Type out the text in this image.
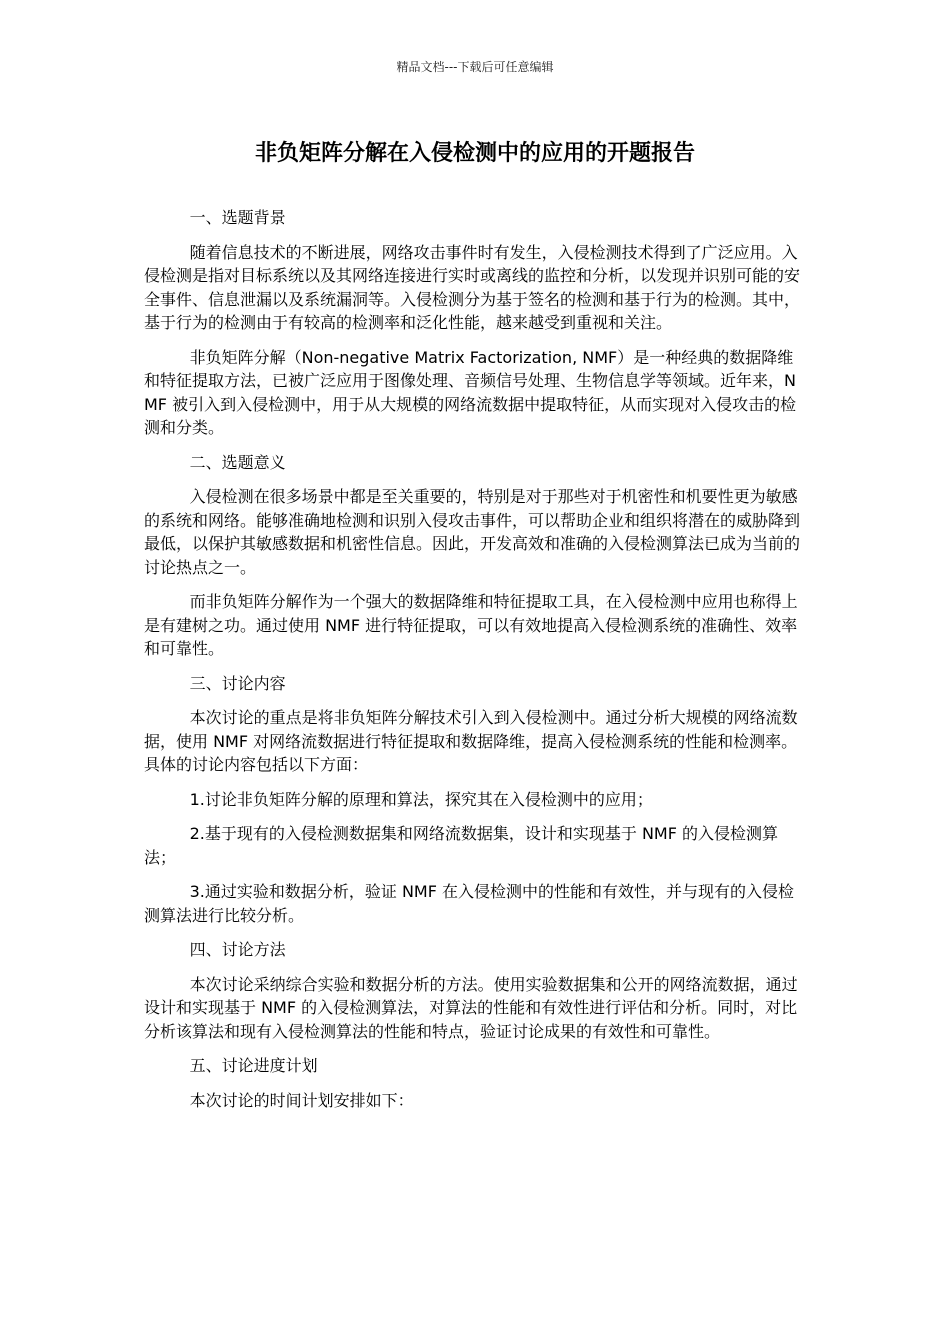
精品文档---下载后可任意编辑
非负矩阵分解在入侵检测中的应用的开题报告

一、选题背景

随着信息技术的不断进展，网络攻击事件时有发生，入侵检测技术得到了广泛应用。入侵检测是指对目标系统以及其网络连接进行实时或离线的监控和分析，以发现并识别可能的安全事件、信息泄漏以及系统漏洞等。入侵检测分为基于签名的检测和基于行为的检测。其中，基于行为的检测由于有较高的检测率和泛化性能，越来越受到重视和关注。

非负矩阵分解（Non-negative Matrix Factorization, NMF）是一种经典的数据降维和特征提取方法，已被广泛应用于图像处理、音频信号处理、生物信息学等领域。近年来，NMF 被引入到入侵检测中，用于从大规模的网络流数据中提取特征，从而实现对入侵攻击的检测和分类。

二、选题意义

入侵检测在很多场景中都是至关重要的，特别是对于那些对于机密性和机要性更为敏感的系统和网络。能够准确地检测和识别入侵攻击事件，可以帮助企业和组织将潜在的威胁降到最低，以保护其敏感数据和机密性信息。因此，开发高效和准确的入侵检测算法已成为当前的讨论热点之一。

而非负矩阵分解作为一个强大的数据降维和特征提取工具，在入侵检测中应用也称得上是有建树之功。通过使用 NMF 进行特征提取，可以有效地提高入侵检测系统的准确性、效率和可靠性。

三、讨论内容

本次讨论的重点是将非负矩阵分解技术引入到入侵检测中。通过分析大规模的网络流数据，使用 NMF 对网络流数据进行特征提取和数据降维，提高入侵检测系统的性能和检测率。具体的讨论内容包括以下方面：

1.讨论非负矩阵分解的原理和算法，探究其在入侵检测中的应用；

2.基于现有的入侵检测数据集和网络流数据集，设计和实现基于 NMF 的入侵检测算法；

3.通过实验和数据分析，验证 NMF 在入侵检测中的性能和有效性，并与现有的入侵检测算法进行比较分析。

四、讨论方法

本次讨论采纳综合实验和数据分析的方法。使用实验数据集和公开的网络流数据，通过设计和实现基于 NMF 的入侵检测算法，对算法的性能和有效性进行评估和分析。同时，对比分析该算法和现有入侵检测算法的性能和特点，验证讨论成果的有效性和可靠性。

五、讨论进度计划

本次讨论的时间计划安排如下：
